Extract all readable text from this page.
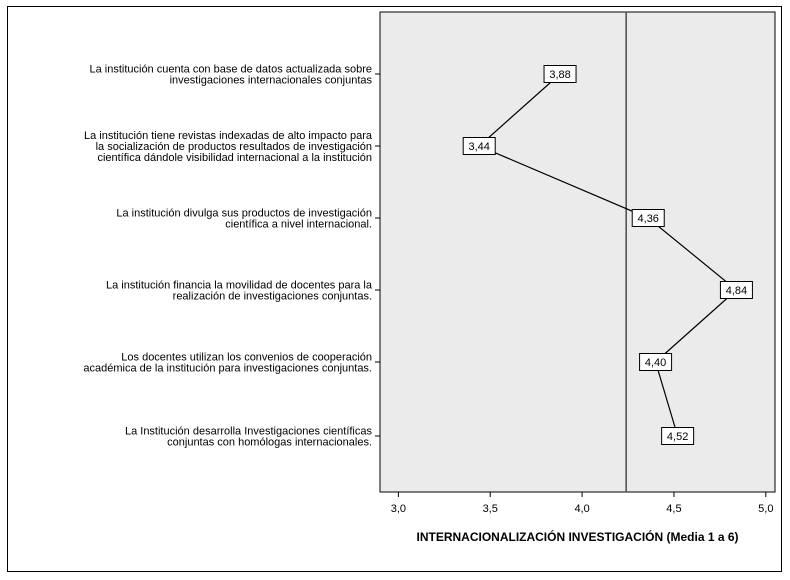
3,0	3,5	4,0	4,5	5,0
INTERNACIONALIZACIÓN INVESTIGACIÓN (Media 1 a 6)
La institución cuenta con base de datos actualizada sobre
investigaciones internacionales conjuntas
La institución tiene revistas indexadas de alto impacto para
la socialización de productos resultados de investigación
científica dándole visibilidad internacional a la institución
La institución divulga sus productos de investigación
científica a nivel internacional.
La institución financia la movilidad de docentes para la
realización de investigaciones conjuntas.
Los docentes utilizan los convenios de cooperación
académica de la institución para investigaciones conjuntas.
La Institución desarrolla Investigaciones científicas
conjuntas con homólogas internacionales.
3,88
3,44
4,36
4,84
4,40
4,52
